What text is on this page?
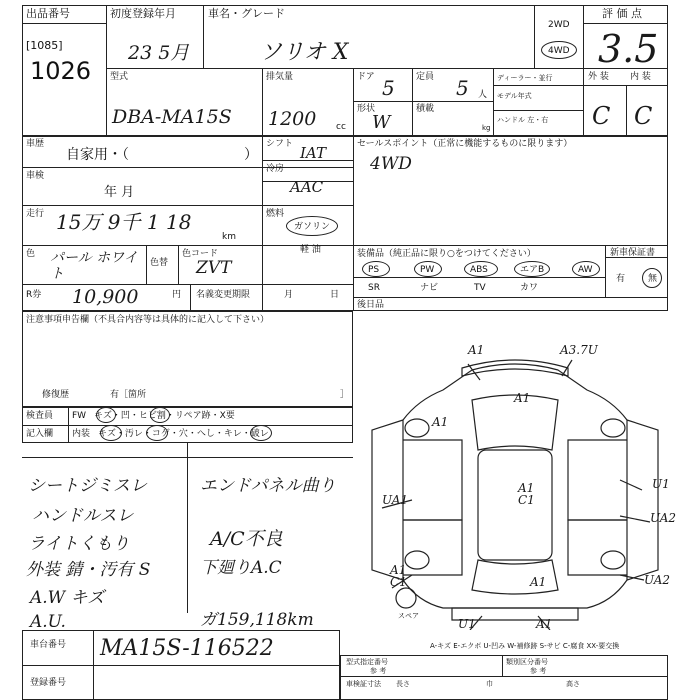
出品番号
[1085]
1026
初度登録年月
23 5月
車名・グレード
ソリオ X
2WD
4WD
評 価 点
3.5
型式
DBA-MA15S
排気量
1200 cc
ドア 5 定員 5 人
形状
W
積載
kg
ディーラー・並行
モデル年式
ハンドル 左・右
外 装 内 装
C C
車歴
自家用・（	）
シフト IAT	セールスポイント（正常に機能するものに限ります）
4WD
車検
年 月
冷房
AAC
走行 15万 9千 1 18
km
燃料
ガソリン
軽 油
色 パール ホワイト
色替
色コード
ZVT
装備品（純正品に限り○をつけてください）
PS	PW	ABS	エアB	AW
SR	ナビ	TV	カワ
新車保証書
有	無
後日品
R券 10,900	円 名義変更期限	月	日
注意事項申告欄（不具合内容等は具体的に記入して下さい）
修復歴	有［箇所	］
検査員
記入欄
FW キズ・凹・ヒビ割・リペア跡・X要
内装 キズ・汚レ・コゲ・穴・へし・キレ・破レ
シートジミスレ
ハンドルスレ
ライトくもり
外装 錆・汚有 S
A.W キズ
A.U.
エンドパネル曲り
A/C不良
下廻りA.C
ガ159,118km
A1	A3.7U
A1
A1
U1
UA1
A1 C1
UA2
A1 C1	A1
U1
UA2
A1
スペア
A-キズ E-エクボ U-凹み W-補修跡 S-サビ C-腐食 XX-要交換
車台番号 MA15S-116522
登録番号
型式指定番号
参 考
類別区分番号
参 考
車検証寸法 長さ	巾	高さ
